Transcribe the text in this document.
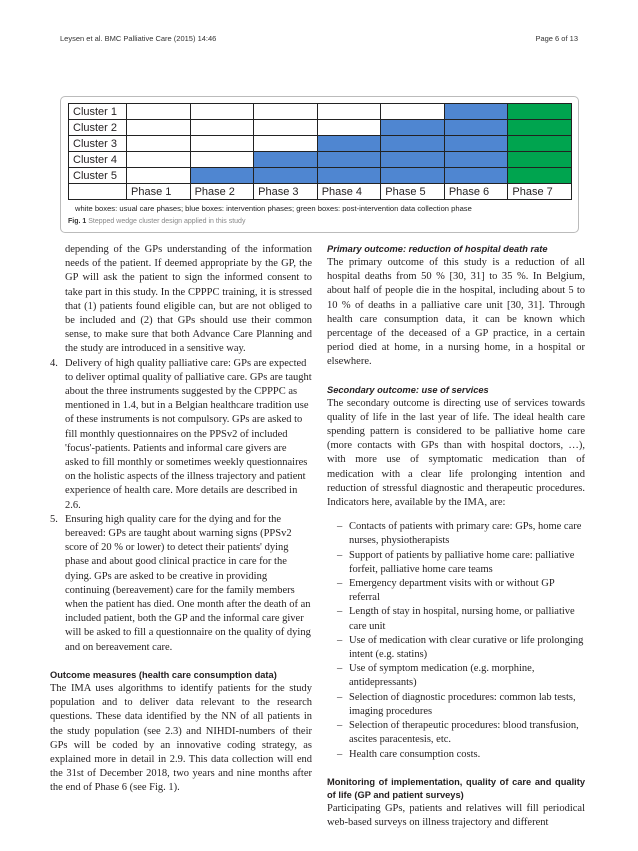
Leysen et al. BMC Palliative Care (2015) 14:46	Page 6 of 13
Cluster 1							
Cluster 2							
Cluster 3							
Cluster 4							
Cluster 5							
	Phase 1	Phase 2	Phase 3	Phase 4	Phase 5	Phase 6	Phase 7
white boxes: usual care phases; blue boxes: intervention phases; green boxes: post-intervention data collection phase
Fig. 1 Stepped wedge cluster design applied in this study

depending of the GPs understanding of the information needs of the patient. If deemed appropriate by the GP, the GP will ask the patient to sign the informed consent to take part in this study. In the CPPPC training, it is stressed that (1) patients found eligible can, but are not obliged to be included and (2) that GPs should use their common sense, to make sure that both Advance Care Planning and the study are introduced in a sensitive way.

4. Delivery of high quality palliative care: GPs are expected to deliver optimal quality of palliative care. GPs are taught about the three instruments suggested by the CPPPC as mentioned in 1.4, but in a Belgian healthcare tradition use of these instruments is not compulsory. GPs are asked to fill monthly questionnaires on the PPSv2 of included 'focus'-patients. Patients and informal care givers are asked to fill monthly or sometimes weekly questionnaires on the holistic aspects of the illness trajectory and patient experience of health care. More details are described in 2.6.
5. Ensuring high quality care for the dying and for the bereaved: GPs are taught about warning signs (PPSv2 score of 20 % or lower) to detect their patients' dying phase and about good clinical practice in care for the dying. GPs are asked to be creative in providing continuing (bereavement) care for the family members when the patient has died. One month after the death of an included patient, both the GP and the informal care giver will be asked to fill a questionnaire on the quality of dying and on bereavement care.
Outcome measures (health care consumption data)

The IMA uses algorithms to identify patients for the study population and to deliver data relevant to the research questions. These data identified by the NN of all patients in the study population (see 2.3) and NIHDI-numbers of their GPs will be coded by an innovative coding strategy, as explained more in detail in 2.9. This data collection will end the 31st of December 2018, two years and nine months after the end of Phase 6 (see Fig. 1).

Primary outcome: reduction of hospital death rate

The primary outcome of this study is a reduction of all hospital deaths from 50 % [30, 31] to 35 %. In Belgium, about half of people die in the hospital, including about 5 to 10 % of deaths in a palliative care unit [30, 31]. Through health care consumption data, it can be known which percentage of the deceased of a GP practice, in a certain period died at home, in a nursing home, in a hospital or elsewhere.

Secondary outcome: use of services

The secondary outcome is directing use of services towards quality of life in the last year of life. The ideal health care spending pattern is considered to be palliative home care (more contacts with GPs than with hospital doctors, …), with more use of symptomatic medication than of medication with a clear life prolonging intention and reduction of stressful diagnostic and therapeutic procedures. Indicators here, available by the IMA, are:

– Contacts of patients with primary care: GPs, home care nurses, physiotherapists
– Support of patients by palliative home care: palliative forfeit, palliative home care teams
– Emergency department visits with or without GP referral
– Length of stay in hospital, nursing home, or palliative care unit
– Use of medication with clear curative or life prolonging intent (e.g. statins)
– Use of symptom medication (e.g. morphine, antidepressants)
– Selection of diagnostic procedures: common lab tests, imaging procedures
– Selection of therapeutic procedures: blood transfusion, ascites paracentesis, etc.
– Health care consumption costs.
Monitoring of implementation, quality of care and quality of life (GP and patient surveys)

Participating GPs, patients and relatives will fill periodical web-based surveys on illness trajectory and different
